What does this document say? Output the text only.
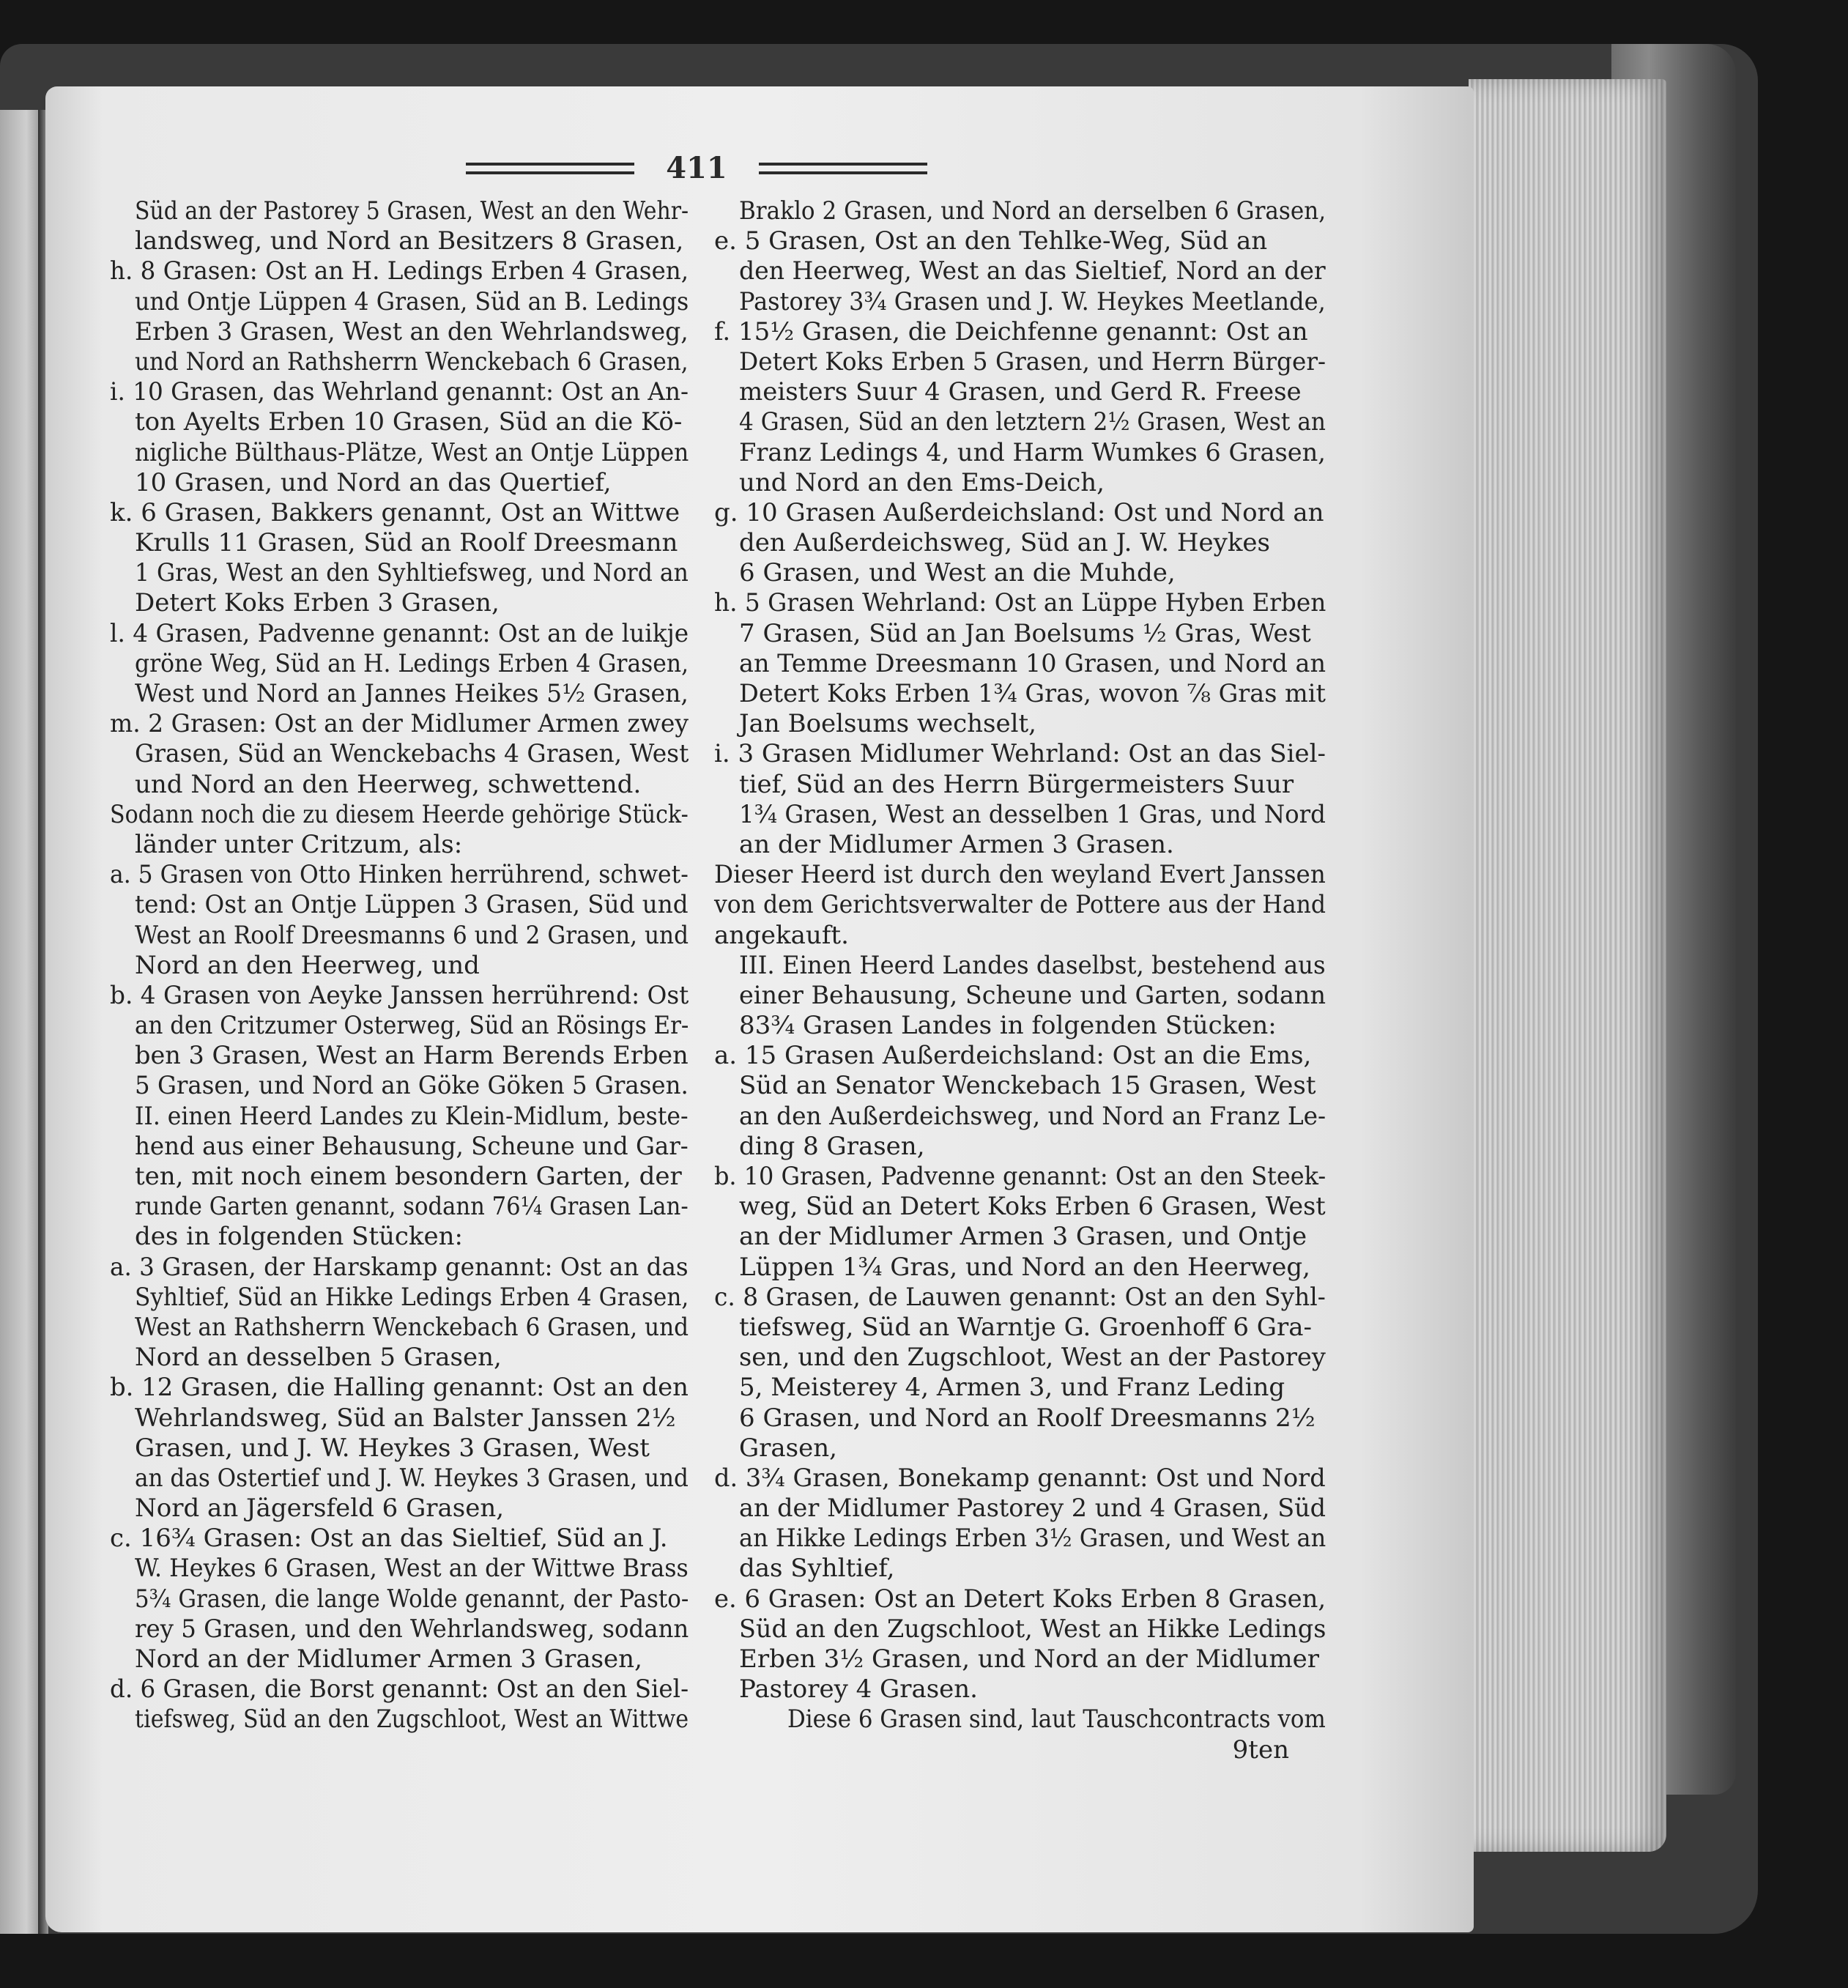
411
Süd an der Pastorey 5 Grasen, West an den Wehr-
landsweg, und Nord an Besitzers 8 Grasen,
h. 8 Grasen: Ost an H. Ledings Erben 4 Grasen,
und Ontje Lüppen 4 Grasen, Süd an B. Ledings
Erben 3 Grasen, West an den Wehrlandsweg,
und Nord an Rathsherrn Wenckebach 6 Grasen,
i. 10 Grasen, das Wehrland genannt: Ost an An-
ton Ayelts Erben 10 Grasen, Süd an die Kö-
nigliche Bülthaus-Plätze, West an Ontje Lüppen
10 Grasen, und Nord an das Quertief,
k. 6 Grasen, Bakkers genannt, Ost an Wittwe
Krulls 11 Grasen, Süd an Roolf Dreesmann
1 Gras, West an den Syhltiefsweg, und Nord an
Detert Koks Erben 3 Grasen,
l. 4 Grasen, Padvenne genannt: Ost an de luikje
gröne Weg, Süd an H. Ledings Erben 4 Grasen,
West und Nord an Jannes Heikes 5½ Grasen,
m. 2 Grasen: Ost an der Midlumer Armen zwey
Grasen, Süd an Wenckebachs 4 Grasen, West
und Nord an den Heerweg, schwettend.
Sodann noch die zu diesem Heerde gehörige Stück-
länder unter Critzum, als:
a. 5 Grasen von Otto Hinken herrührend, schwet-
tend: Ost an Ontje Lüppen 3 Grasen, Süd und
West an Roolf Dreesmanns 6 und 2 Grasen, und
Nord an den Heerweg, und
b. 4 Grasen von Aeyke Janssen herrührend: Ost
an den Critzumer Osterweg, Süd an Rösings Er-
ben 3 Grasen, West an Harm Berends Erben
5 Grasen, und Nord an Göke Göken 5 Grasen.
II. einen Heerd Landes zu Klein-Midlum, beste-
hend aus einer Behausung, Scheune und Gar-
ten, mit noch einem besondern Garten, der
runde Garten genannt, sodann 76¼ Grasen Lan-
des in folgenden Stücken:
a. 3 Grasen, der Harskamp genannt: Ost an das
Syhltief, Süd an Hikke Ledings Erben 4 Grasen,
West an Rathsherrn Wenckebach 6 Grasen, und
Nord an desselben 5 Grasen,
b. 12 Grasen, die Halling genannt: Ost an den
Wehrlandsweg, Süd an Balster Janssen 2½
Grasen, und J. W. Heykes 3 Grasen, West
an das Ostertief und J. W. Heykes 3 Grasen, und
Nord an Jägersfeld 6 Grasen,
c. 16¾ Grasen: Ost an das Sieltief, Süd an J.
W. Heykes 6 Grasen, West an der Wittwe Brass
5¾ Grasen, die lange Wolde genannt, der Pasto-
rey 5 Grasen, und den Wehrlandsweg, sodann
Nord an der Midlumer Armen 3 Grasen,
d. 6 Grasen, die Borst genannt: Ost an den Siel-
tiefsweg, Süd an den Zugschloot, West an Wittwe
Braklo 2 Grasen, und Nord an derselben 6 Grasen,
e. 5 Grasen, Ost an den Tehlke-Weg, Süd an
den Heerweg, West an das Sieltief, Nord an der
Pastorey 3¾ Grasen und J. W. Heykes Meetlande,
f. 15½ Grasen, die Deichfenne genannt: Ost an
Detert Koks Erben 5 Grasen, und Herrn Bürger-
meisters Suur 4 Grasen, und Gerd R. Freese
4 Grasen, Süd an den letztern 2½ Grasen, West an
Franz Ledings 4, und Harm Wumkes 6 Grasen,
und Nord an den Ems-Deich,
g. 10 Grasen Außerdeichsland: Ost und Nord an
den Außerdeichsweg, Süd an J. W. Heykes
6 Grasen, und West an die Muhde,
h. 5 Grasen Wehrland: Ost an Lüppe Hyben Erben
7 Grasen, Süd an Jan Boelsums ½ Gras, West
an Temme Dreesmann 10 Grasen, und Nord an
Detert Koks Erben 1¾ Gras, wovon ⅞ Gras mit
Jan Boelsums wechselt,
i. 3 Grasen Midlumer Wehrland: Ost an das Siel-
tief, Süd an des Herrn Bürgermeisters Suur
1¾ Grasen, West an desselben 1 Gras, und Nord
an der Midlumer Armen 3 Grasen.
Dieser Heerd ist durch den weyland Evert Janssen
von dem Gerichtsverwalter de Pottere aus der Hand
angekauft.
III. Einen Heerd Landes daselbst, bestehend aus
einer Behausung, Scheune und Garten, sodann
83¾ Grasen Landes in folgenden Stücken:
a. 15 Grasen Außerdeichsland: Ost an die Ems,
Süd an Senator Wenckebach 15 Grasen, West
an den Außerdeichsweg, und Nord an Franz Le-
ding 8 Grasen,
b. 10 Grasen, Padvenne genannt: Ost an den Steek-
weg, Süd an Detert Koks Erben 6 Grasen, West
an der Midlumer Armen 3 Grasen, und Ontje
Lüppen 1¾ Gras, und Nord an den Heerweg,
c. 8 Grasen, de Lauwen genannt: Ost an den Syhl-
tiefsweg, Süd an Warntje G. Groenhoff 6 Gra-
sen, und den Zugschloot, West an der Pastorey
5, Meisterey 4, Armen 3, und Franz Leding
6 Grasen, und Nord an Roolf Dreesmanns 2½
Grasen,
d. 3¾ Grasen, Bonekamp genannt: Ost und Nord
an der Midlumer Pastorey 2 und 4 Grasen, Süd
an Hikke Ledings Erben 3½ Grasen, und West an
das Syhltief,
e. 6 Grasen: Ost an Detert Koks Erben 8 Grasen,
Süd an den Zugschloot, West an Hikke Ledings
Erben 3½ Grasen, und Nord an der Midlumer
Pastorey 4 Grasen.
Diese 6 Grasen sind, laut Tauschcontracts vom
9ten
